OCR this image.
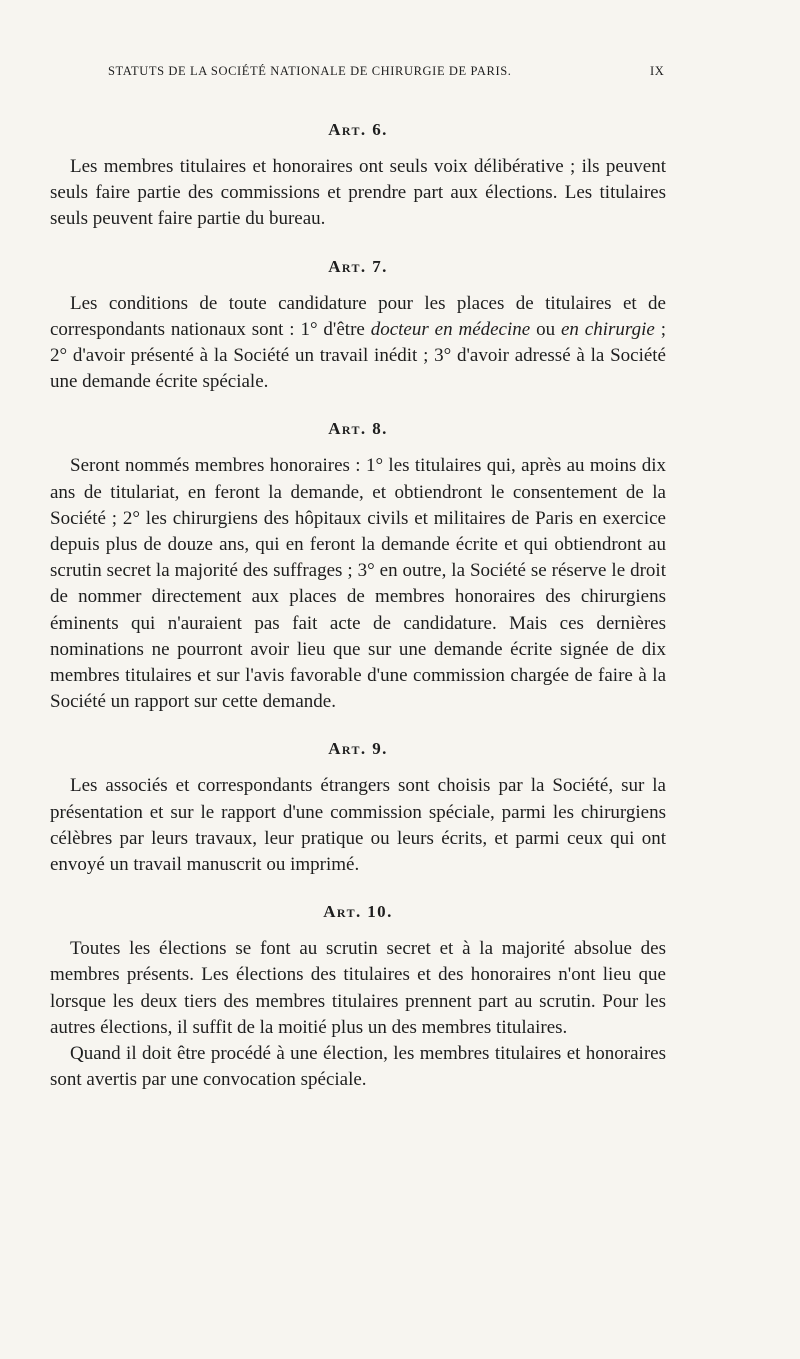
STATUTS DE LA SOCIÉTÉ NATIONALE DE CHIRURGIE DE PARIS.	IX
Art. 6.

Les membres titulaires et honoraires ont seuls voix délibérative ; ils peuvent seuls faire partie des commissions et prendre part aux élections. Les titulaires seuls peuvent faire partie du bureau.

Art. 7.

Les conditions de toute candidature pour les places de titulaires et de correspondants nationaux sont : 1° d'être docteur en médecine ou en chirurgie ; 2° d'avoir présenté à la Société un travail inédit ; 3° d'avoir adressé à la Société une demande écrite spéciale.

Art. 8.

Seront nommés membres honoraires : 1° les titulaires qui, après au moins dix ans de titulariat, en feront la demande, et obtiendront le consentement de la Société ; 2° les chirurgiens des hôpitaux civils et militaires de Paris en exercice depuis plus de douze ans, qui en feront la demande écrite et qui obtiendront au scrutin secret la majorité des suffrages ; 3° en outre, la Société se réserve le droit de nommer directement aux places de membres honoraires des chirurgiens éminents qui n'auraient pas fait acte de candidature. Mais ces dernières nominations ne pourront avoir lieu que sur une demande écrite signée de dix membres titulaires et sur l'avis favorable d'une commission chargée de faire à la Société un rapport sur cette demande.

Art. 9.

Les associés et correspondants étrangers sont choisis par la Société, sur la présentation et sur le rapport d'une commission spéciale, parmi les chirurgiens célèbres par leurs travaux, leur pratique ou leurs écrits, et parmi ceux qui ont envoyé un travail manuscrit ou imprimé.

Art. 10.

Toutes les élections se font au scrutin secret et à la majorité absolue des membres présents. Les élections des titulaires et des honoraires n'ont lieu que lorsque les deux tiers des membres titulaires prennent part au scrutin. Pour les autres élections, il suffit de la moitié plus un des membres titulaires.

Quand il doit être procédé à une élection, les membres titulaires et honoraires sont avertis par une convocation spéciale.
